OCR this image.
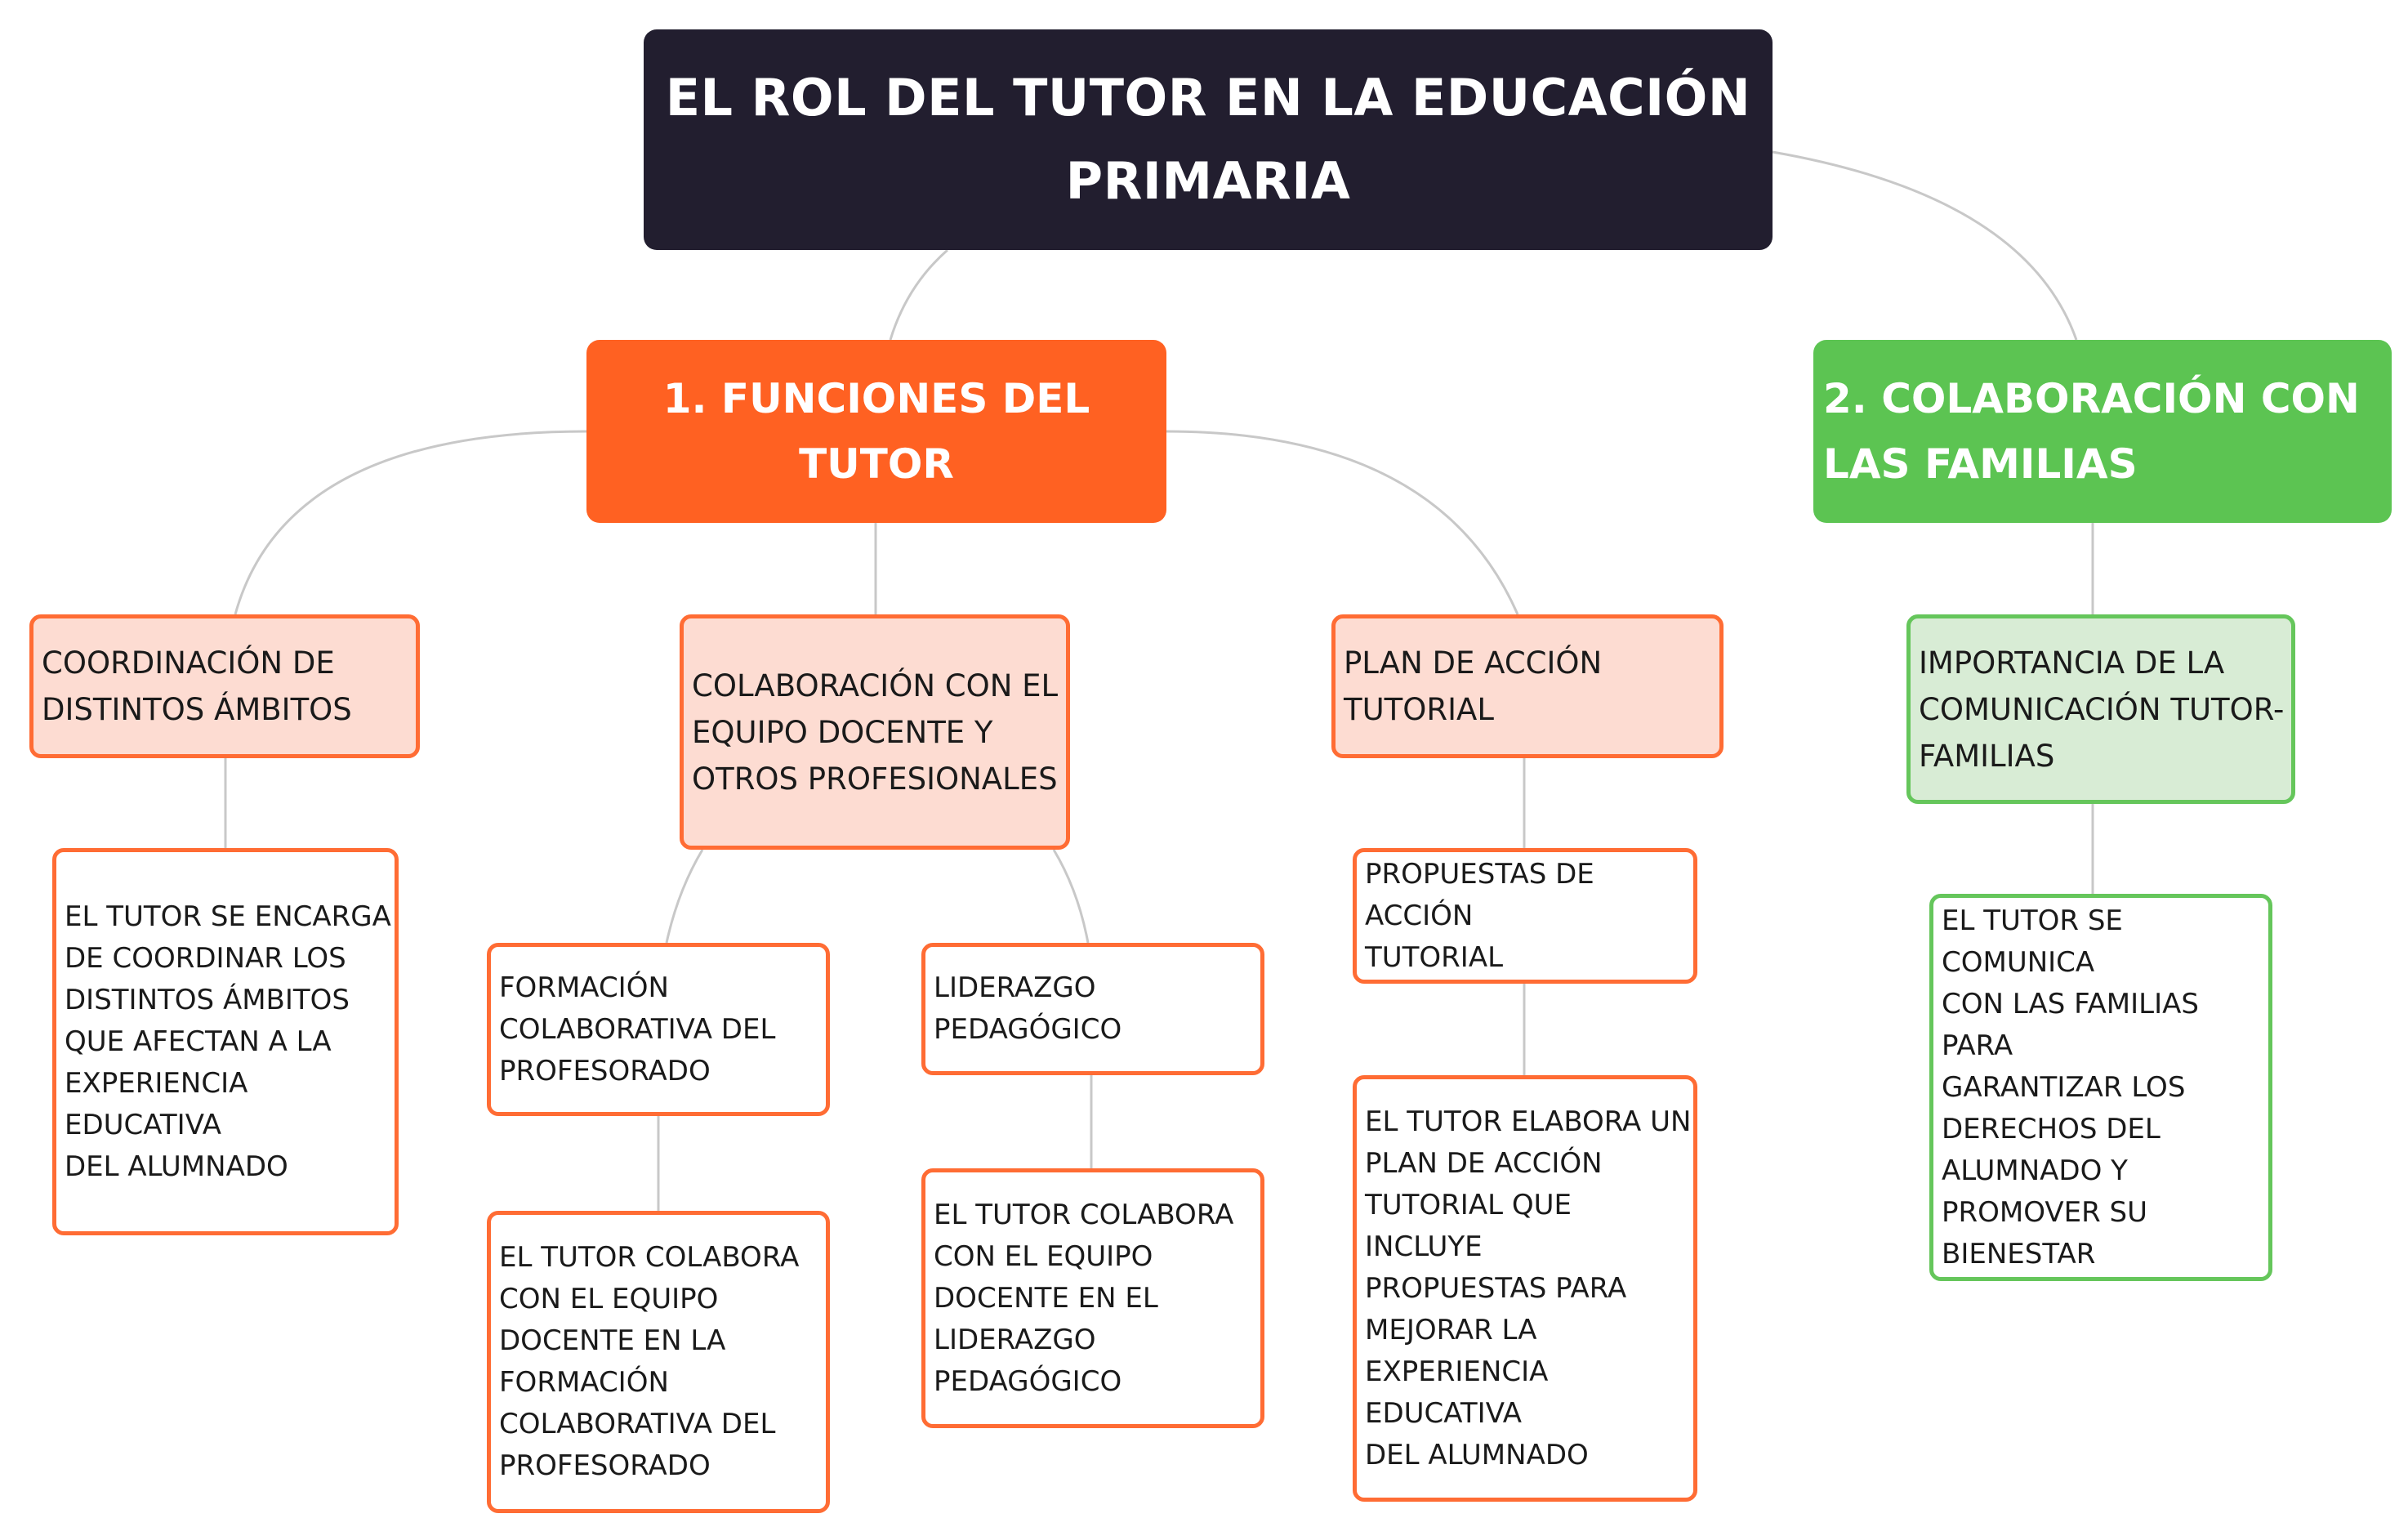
EL ROL DEL TUTOR EN LA EDUCACIÓN
PRIMARIA
1. FUNCIONES DEL TUTOR
2. COLABORACIÓN CON
LAS FAMILIAS
COORDINACIÓN DE
DISTINTOS ÁMBITOS
COLABORACIÓN CON EL
EQUIPO DOCENTE Y
OTROS PROFESIONALES
PLAN DE ACCIÓN
TUTORIAL
IMPORTANCIA DE LA
COMUNICACIÓN TUTOR-
FAMILIAS
EL TUTOR SE ENCARGA
DE COORDINAR LOS
DISTINTOS ÁMBITOS
QUE AFECTAN A LA
EXPERIENCIA EDUCATIVA
DEL ALUMNADO
FORMACIÓN
COLABORATIVA DEL
PROFESORADO
LIDERAZGO
PEDAGÓGICO
EL TUTOR COLABORA
CON EL EQUIPO
DOCENTE EN LA
FORMACIÓN
COLABORATIVA DEL
PROFESORADO
EL TUTOR COLABORA
CON EL EQUIPO
DOCENTE EN EL
LIDERAZGO
PEDAGÓGICO
PROPUESTAS DE ACCIÓN
TUTORIAL
EL TUTOR ELABORA UN
PLAN DE ACCIÓN
TUTORIAL QUE INCLUYE
PROPUESTAS PARA
MEJORAR LA
EXPERIENCIA EDUCATIVA
DEL ALUMNADO
EL TUTOR SE COMUNICA
CON LAS FAMILIAS PARA
GARANTIZAR LOS
DERECHOS DEL
ALUMNADO Y
PROMOVER SU
BIENESTAR
